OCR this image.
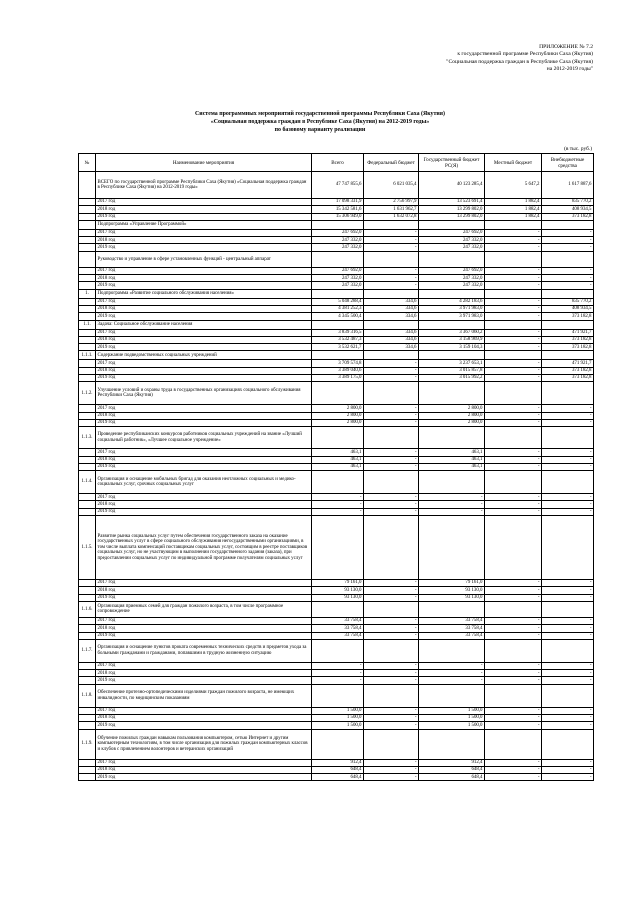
ПРИЛОЖЕНИЕ № 7.2
к государственной программе Республики Саха (Якутия)
"Социальная поддержка граждан в Республике Саха (Якутия)
на 2012-2019 годы"
Система программных мероприятий государственной программы Республики Саха (Якутия)
«Социальная поддержка граждан в Республике Саха (Якутия) на 2012-2019 годы»
по базовому варианту реализации
(в тыс. руб.)
№	Наименование мероприятия	Всего	Федеральный бюджет	Государственный бюджет РС(Я)	Местный бюджет	Внебюджетные средства
	ВСЕГО по государственной программе Республики Саха (Якутия) «Социальная поддержка граждан в Республике Саха (Якутия) на 2012-2019 годы»	47 747 855,6	6 021 035,4	40 123 285,4	5 647,2	1 617 887,6
	2017 год	17 098 331,9	2 756 997,9	13 523 691,4	1 882,4	835 770,2
	2018 год	15 342 581,6	1 631 962,7	13 299 802,0	1 882,4	408 934,5
	2019 год	15 306 949,0	1 632 072,8	13 299 802,0	1 882,4	373 182,8
	Подпрограмма «Управление Программой»					
	2017 год	247 692,0	-	247 692,0	-	-
	2018 год	247 332,0	-	247 332,0	-	-
	2019 год	247 332,0	-	247 332,0	-	-
	Руководство и управление в сфере установленных функций - центральный аппарат					
	2017 год	247 692,0	-	247 692,0	-	-
	2018 год	247 332,0	-	247 332,0	-	-
	2019 год	247 332,0	-	247 332,0	-	-
1.	Подпрограмма «Развитие социального обслуживания населения»					
	2017 год	5 048 288,4	334,6	4 282 183,6	-	835 770,2
	2018 год	4 381 252,3	334,6	3 971 983,0	-	408 934,5
	2019 год	4 345 500,4	334,6	3 971 983,0	-	373 182,8
1.1.	Задача: Социальное обслуживание населения					
	2017 год	3 839 316,5	334,6	3 367 060,2	-	471 921,7
	2018 год	3 532 487,3	334,6	3 158 969,9	-	373 182,8
	2019 год	3 532 621,7	334,6	3 159 104,3	-	373 182,8
1.1.1.	Содержание подведомственных социальных учреждений					
	2017 год	3 709 574,8	-	3 237 653,1	-	471 921,7
	2018 год	3 389 040,6	-	3 015 857,8	-	373 182,8
	2019 год	3 389 175,0	-	3 015 992,2	-	373 182,8
1.1.2.	Улучшение условий и охраны труда в государственных организациях социального обслуживания Республики Саха (Якутия)					
	2017 год	2 800,0	-	2 800,0	-	-
	2018 год	2 800,0	-	2 800,0	-	-
	2019 год	2 800,0	-	2 800,0	-	-
1.1.3.	Проведение республиканских конкурсов работников социальных учреждений на звание «Лучший социальный работник», «Лучшее социальное учреждение»					
	2017 год	463,1	-	463,1	-	-
	2018 год	463,1	-	463,1	-	-
	2019 год	463,1	-	463,1	-	-
1.1.4.	Организация и оснащение мобильных бригад для оказания неотложных социальных и медико-социальных услуг, срочных социальных услуг					
	2017 год	-	-	-	-	-
	2018 год	-	-	-	-	-
	2019 год	-	-	-	-	-
1.1.5.	Развитие рынка социальных услуг путем обеспечения государственного заказа на оказание государственных услуг в сфере социального обслуживания негосударственными организациями, в том числе выплата компенсаций поставщикам социальных услуг, состоящим в реестре поставщиков социальных услуг, но не участвующим в выполнении государственного задания (заказа), при предоставлении социальных услуг по индивидуальной программе получателям социальных услуг					
	2017 год	79 161,0	-	79 161,0	-	-
	2018 год	93 130,0	-	93 130,0	-	-
	2019 год	93 130,0	-	93 130,0	-	-
1.1.6.	Организация приемных семей для граждан пожилого возраста, в том числе программное сопровождение					
	2017 год	33 758,4	-	33 758,4	-	-
	2018 год	33 758,4	-	33 758,4	-	-
	2019 год	33 758,4	-	33 758,4	-	-
1.1.7.	Организация и оснащение пунктов проката современных технических средств и предметов ухода за больными гражданами и гражданами, попавшими в трудную жизненную ситуацию					
	2017 год	-	-	-	-	-
	2018 год	-	-	-	-	-
	2019 год	-	-	-	-	-
1.1.8.	Обеспечение протезно-ортопедическими изделиями граждан пожилого возраста, не имеющих инвалидности, по медицинским показаниям					
	2017 год	1 500,0	-	1 500,0	-	-
	2018 год	1 500,0	-	1 500,0	-	-
	2019 год	1 500,0	-	1 500,0	-	-
1.1.9.	Обучение пожилых граждан навыкам пользования компьютером, сетью Интернет и другим компьютерным технологиям, в том числе организация для пожилых граждан компьютерных классов и клубов с привлечением волонтеров и ветеранских организаций					
	2017 год	912,4	-	912,4	-	-
	2018 год	648,4	-	648,4	-	-
	2019 год	648,4	-	648,4	-	-
